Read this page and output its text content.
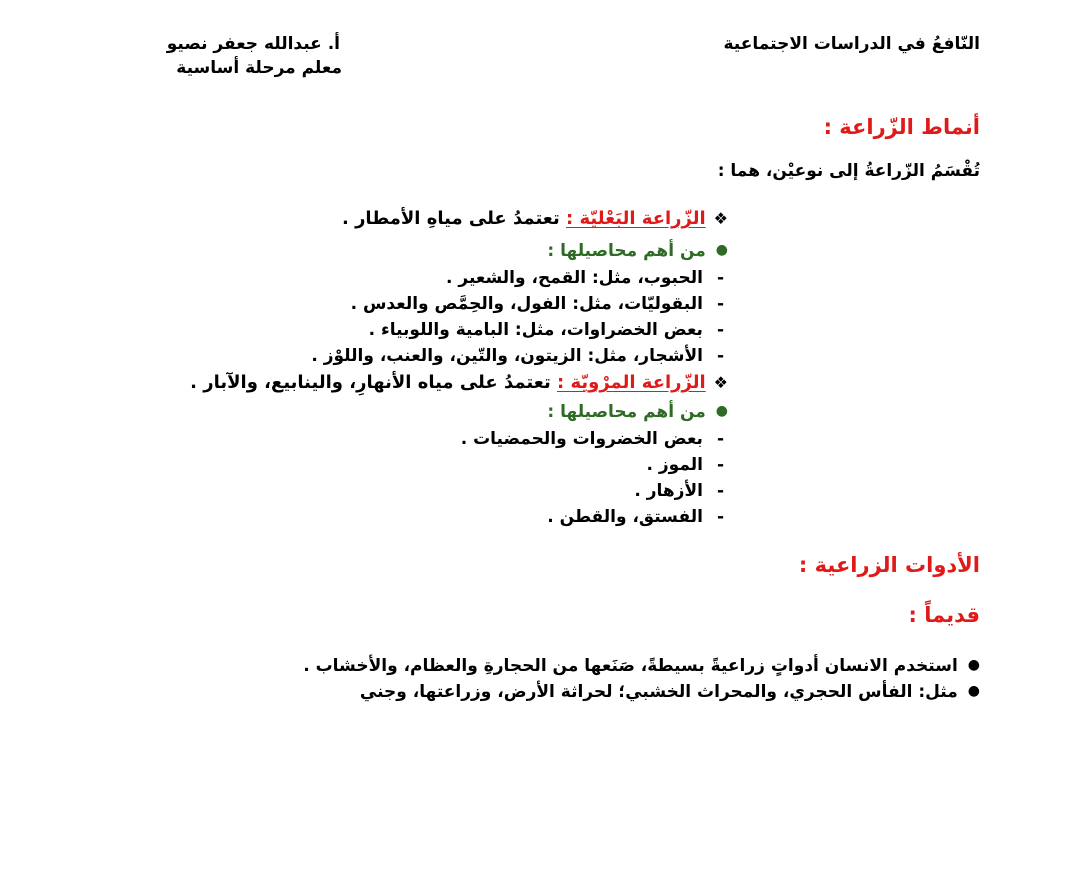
النّافعُ في الدراسات الاجتماعية
أ. عبدالله جعفر نصيو
معلم مرحلة أساسية
أنماط الزّراعة :
تُقْسَمُ الزّراعةُ إلى نوعيْن، هما :
❖الزّراعة البَعْليّة : تعتمدُ على مياهِ الأمطار .
●من أهم محاصيلها :
-الحبوب، مثل: القمح، والشعير .
-البقوليّات، مثل: الفول، والحِمَّص والعدس .
-بعض الخضراوات، مثل: البامية واللوبياء .
-الأشجار، مثل: الزيتون، والتّين، والعنب، واللوْز .
❖الزّراعة المرْويّة : تعتمدُ على مياه الأنهارِ، والينابيع، والآبار .
●من أهم محاصيلها :
-بعض الخضروات والحمضيات .
-الموز .
-الأزهار .
-الفستق، والقطن .
الأدوات الزراعية :
قديماً :
●استخدم الانسان أدواتٍ زراعيةً بسيطةً، صَنَعها من الحجارةِ والعظام، والأخشاب .
●مثل: الفأس الحجري، والمحراث الخشبي؛ لحراثة الأرض، وزراعتها، وجني
